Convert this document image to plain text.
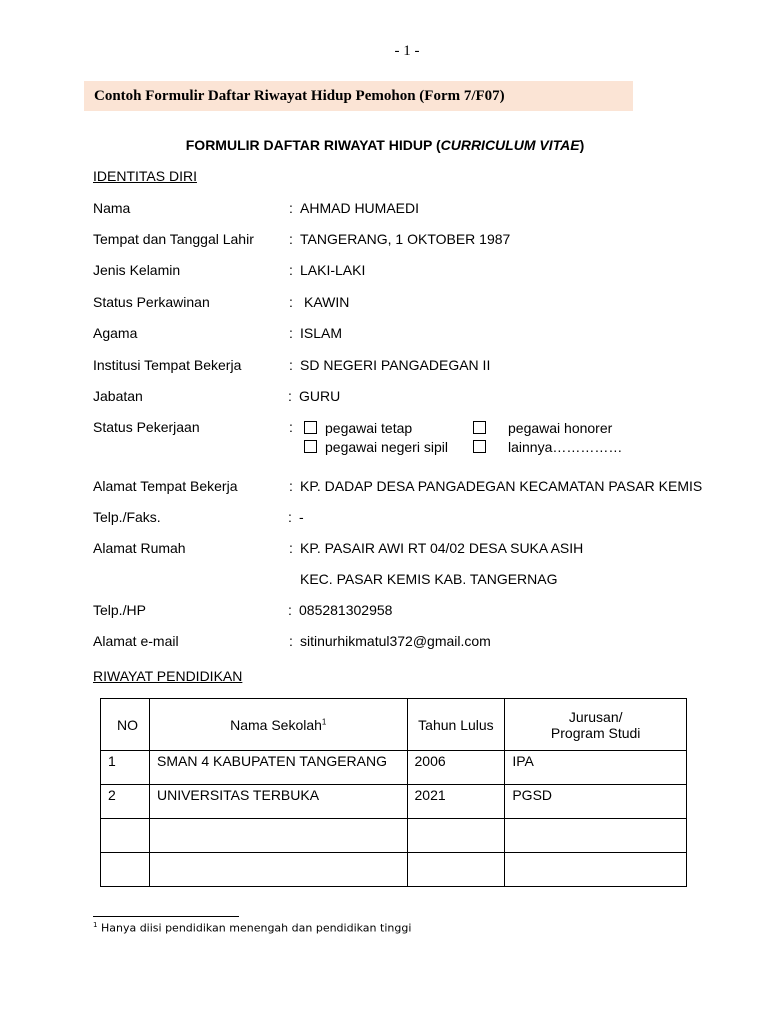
- 1 -
Contoh Formulir Daftar Riwayat Hidup Pemohon (Form 7/F07)
FORMULIR DAFTAR RIWAYAT HIDUP (CURRICULUM VITAE)
IDENTITAS DIRI
Nama	: AHMAD HUMAEDI
Tempat dan Tanggal Lahir	: TANGERANG, 1 OKTOBER 1987
Jenis Kelamin	: LAKI-LAKI
Status Perkawinan	: KAWIN
Agama	: ISLAM
Institusi Tempat Bekerja	: SD NEGERI PANGADEGAN II
Jabatan	: GURU
Status Pekerjaan	:	pegawai tetap	pegawai honorer
pegawai negeri sipil	lainnya……………
Alamat Tempat Bekerja	: KP. DADAP DESA PANGADEGAN KECAMATAN PASAR KEMIS
Telp./Faks.	: -
Alamat Rumah	: KP. PASAIR AWI RT 04/02 DESA SUKA ASIH
KEC. PASAR KEMIS KAB. TANGERNAG
Telp./HP	: 085281302958
Alamat e-mail	: sitinurhikmatul372@gmail.com
RIWAYAT PENDIDIKAN
NO	Nama Sekolah$^1$	Tahun Lulus	Jurusan/
Program Studi
1	SMAN 4 KABUPATEN TANGERANG	2006	IPA
2	UNIVERSITAS TERBUKA	2021	PGSD

$^1$ Hanya diisi pendidikan menengah dan pendidikan tinggi
